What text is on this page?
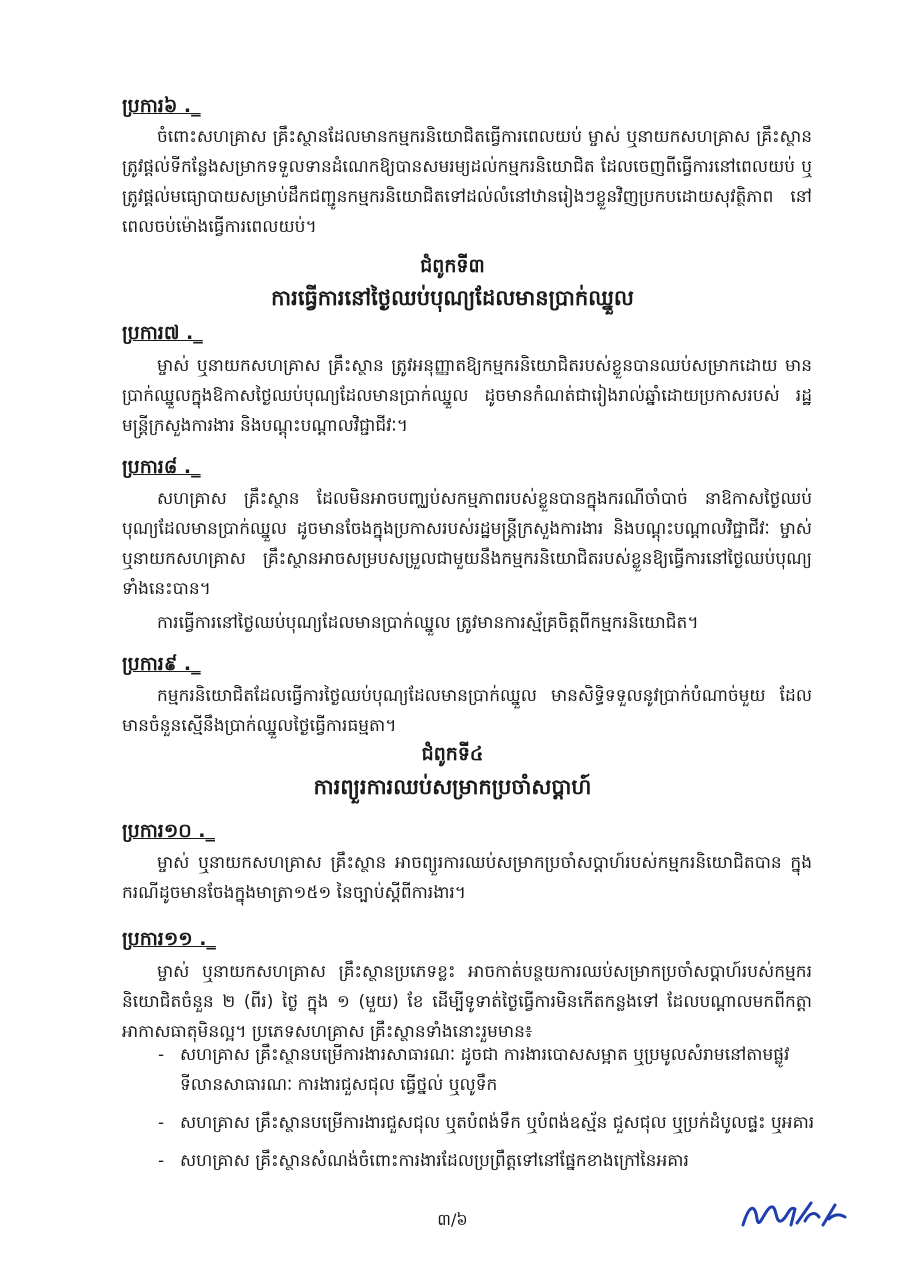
ប្រការ៦ ._

ចំពោះសហគ្រាស គ្រឹះស្ថានដែលមានកម្មករនិយោជិតធ្វើការពេលយប់ ម្ចាស់ ឬនាយកសហគ្រាស គ្រឹះស្ថាន ត្រូវផ្ដល់ទីកន្លែងសម្រាកទទួលទានដំណេកឱ្យបានសមរម្យដល់កម្មករនិយោជិត ដែលចេញពីធ្វើការនៅពេលយប់ ឬត្រូវផ្ដល់មធ្យោបាយសម្រាប់ដឹកជញ្ជូនកម្មករនិយោជិតទៅដល់លំនៅឋានរៀងៗខ្លួនវិញប្រកបដោយសុវត្ថិភាព នៅពេលចប់ម៉ោងធ្វើការពេលយប់។

ជំពូកទី៣
ការធ្វើការនៅថ្ងៃឈប់បុណ្យដែលមានប្រាក់ឈ្នួល
ប្រការ៧ ._

ម្ចាស់ ឬនាយកសហគ្រាស គ្រឹះស្ថាន ត្រូវអនុញ្ញាតឱ្យកម្មករនិយោជិតរបស់ខ្លួនបានឈប់សម្រាកដោយ មានប្រាក់ឈ្នួលក្នុងឱកាសថ្ងៃឈប់បុណ្យដែលមានប្រាក់ឈ្នួល ដូចមានកំណត់ជារៀងរាល់ឆ្នាំដោយប្រកាសរបស់ រដ្ឋមន្ត្រីក្រសួងការងារ និងបណ្ដុះបណ្ដាលវិជ្ជាជីវៈ។

ប្រការ៨ ._

សហគ្រាស គ្រឹះស្ថាន ដែលមិនអាចបញ្ឈប់សកម្មភាពរបស់ខ្លួនបានក្នុងករណីចាំបាច់ នាឱកាសថ្ងៃឈប់ បុណ្យដែលមានប្រាក់ឈ្នួល ដូចមានចែងក្នុងប្រកាសរបស់រដ្ឋមន្ត្រីក្រសួងការងារ និងបណ្ដុះបណ្ដាលវិជ្ជាជីវៈ ម្ចាស់ ឬនាយកសហគ្រាស គ្រឹះស្ថានអាចសម្របសម្រួលជាមួយនឹងកម្មករនិយោជិតរបស់ខ្លួនឱ្យធ្វើការនៅថ្ងៃឈប់បុណ្យ ទាំងនេះបាន។

ការធ្វើការនៅថ្ងៃឈប់បុណ្យដែលមានប្រាក់ឈ្នួល ត្រូវមានការស្ម័គ្រចិត្តពីកម្មករនិយោជិត។

ប្រការ៩ ._

កម្មករនិយោជិតដែលធ្វើការថ្ងៃឈប់បុណ្យដែលមានប្រាក់ឈ្នួល មានសិទ្ធិទទួលនូវប្រាក់បំណាច់មួយ ដែលមានចំនួនស្មើនឹងប្រាក់ឈ្នួលថ្ងៃធ្វើការធម្មតា។

ជំពូកទី៤
ការព្យួរការឈប់សម្រាកប្រចាំសប្ដាហ៍
ប្រការ១០ ._

ម្ចាស់ ឬនាយកសហគ្រាស គ្រឹះស្ថាន អាចព្យួរការឈប់សម្រាកប្រចាំសប្ដាហ៍របស់កម្មករនិយោជិតបាន ក្នុងករណីដូចមានចែងក្នុងមាត្រា១៥១ នៃច្បាប់ស្ដីពីការងារ។

ប្រការ១១ ._

ម្ចាស់ ឬនាយកសហគ្រាស គ្រឹះស្ថានប្រភេទខ្លះ អាចកាត់បន្ថយការឈប់សម្រាកប្រចាំសប្ដាហ៍របស់កម្មករ និយោជិតចំនួន ២ (ពីរ) ថ្ងៃ ក្នុង ១ (មួយ) ខែ ដើម្បីទូទាត់ថ្ងៃធ្វើការមិនកើតកន្លងទៅ ដែលបណ្ដាលមកពីកត្តា អាកាសធាតុមិនល្អ។ ប្រភេទសហគ្រាស គ្រឹះស្ថានទាំងនោះរួមមាន៖

- សហគ្រាស គ្រឹះស្ថានបម្រើការងារសាធារណៈ ដូចជា ការងារបោសសម្អាត ឬប្រមូលសំរាមនៅតាមផ្លូវ ទីលានសាធារណៈ ការងារជួសជុល ធ្វើថ្នល់ ឬលូទឹក
- សហគ្រាស គ្រឹះស្ថានបម្រើការងារជួសជុល ឬតបំពង់ទឹក ឬបំពង់ឧស្ម័ន ជួសជុល ឬប្រក់ដំបូលផ្ទះ ឬអគារ
- សហគ្រាស គ្រឹះស្ថានសំណង់ចំពោះការងារដែលប្រព្រឹត្តទៅនៅផ្នែកខាងក្រៅនៃអគារ
៣/៦
